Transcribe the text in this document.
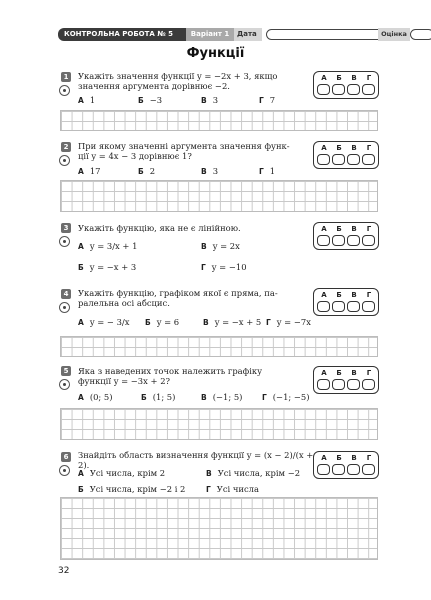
КОНТРОЛЬНА РОБОТА № 5	Варіант 1	Дата	Оцінка
Функції
1	Укажіть значення функції y = −2x + 3, якщо
значення аргумента дорівнює −2.
А 1	Б −3	В 3	Г 7
А	Б	В	Г
2	При якому значенні аргумента значення функ-
ції y = 4x − 3 дорівнює 1?
А 17	Б 2	В 3	Г 1
А	Б	В	Г
3	Укажіть функцію, яка не є лінійною.
А y = 3/x + 1	В y = 2x
Б y = −x + 3	Г y = −10
А	Б	В	Г
4	Укажіть функцію, графіком якої є пряма, па-
ралельна осі абсцис.
А y = − 3/x Б y = 6	В y = −x + 5 Г y = −7x
А	Б	В	Г
5	Яка з наведених точок належить графіку
функції y = −3x + 2?
А (0; 5)	Б (1; 5)	В (−1; 5)	Г (−1; −5)
А	Б	В	Г
6	Знайдіть область визначення функції y = (x − 2)/(x + 2).
А Усі числа, крім 2	В Усі числа, крім −2
Б Усі числа, крім −2 і 2	Г Усі числа
А	Б	В	Г
32
